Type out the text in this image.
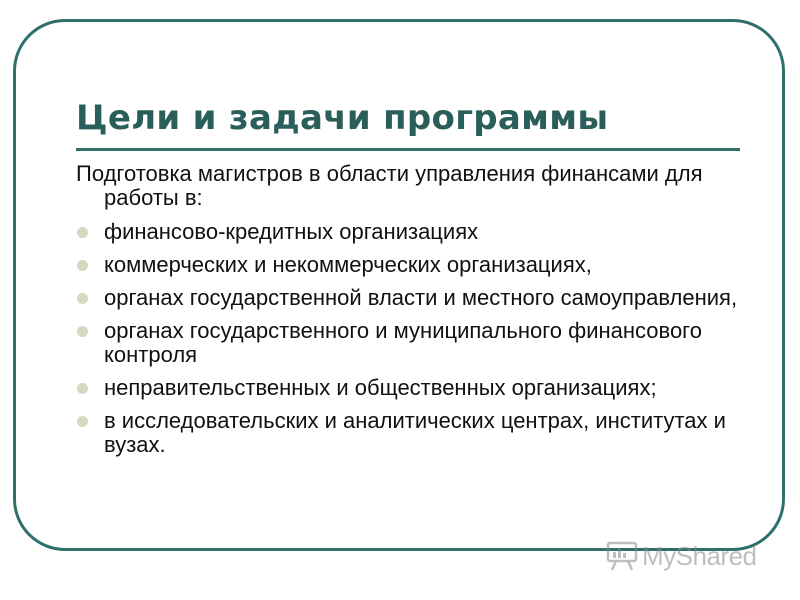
Цели и задачи программы

Подготовка магистров в области управления финансами для работы в:

финансово-кредитных организациях
коммерческих и некоммерческих организациях,
органах государственной власти и местного самоуправления,
органах государственного и муниципального финансового контроля
неправительственных и общественных организациях;
в исследовательских и аналитических центрах, институтах и вузах.
MyShared
